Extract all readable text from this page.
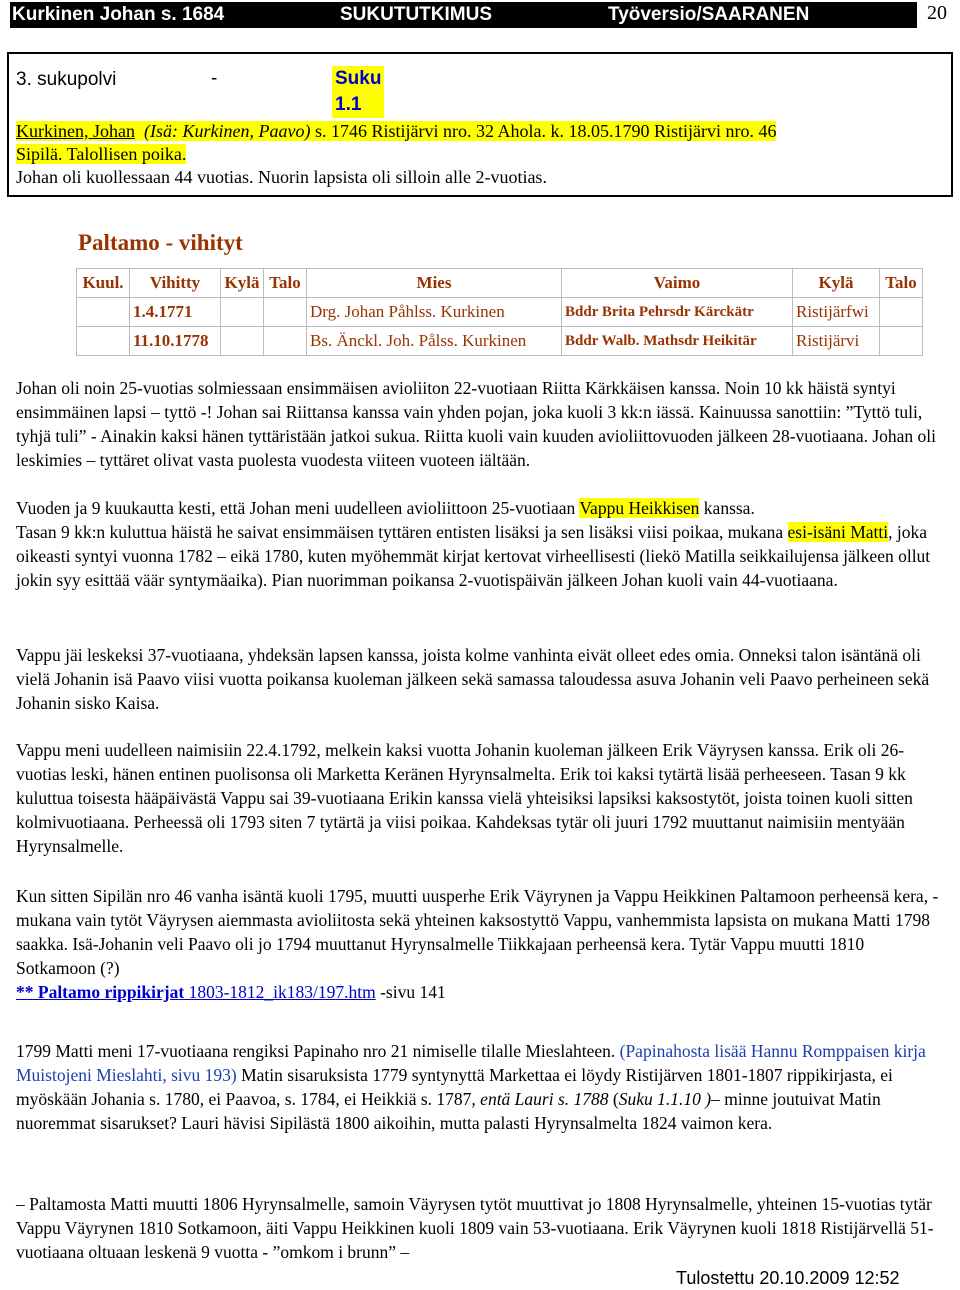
Kurkinen Johan s. 1684	SUKUTUTKIMUS	Työversio/SAARANEN	20
3. sukupolvi	-	Suku 1.1
Kurkinen, Johan (Isä: Kurkinen, Paavo) s. 1746 Ristijärvi nro. 32 Ahola. k. 18.05.1790 Ristijärvi nro. 46
Sipilä. Talollisen poika.
Johan oli kuollessaan 44 vuotias. Nuorin lapsista oli silloin alle 2-vuotias.
Paltamo - vihityt
Kuul.	Vihitty	Kylä	Talo	Mies	Vaimo	Kylä	Talo
	1.4.1771			Drg. Johan Påhlss. Kurkinen	Bddr Brita Pehrsdr Kärckätr	Ristijärfwi	
	11.10.1778			Bs. Änckl. Joh. Pålss. Kurkinen	Bddr Walb. Mathsdr Heikitär	Ristijärvi	
Johan oli noin 25-vuotias solmiessaan ensimmäisen avioliiton 22-vuotiaan Riitta Kärkkäisen kanssa. Noin 10 kk häistä syntyi ensimmäinen lapsi – tyttö -! Johan sai Riittansa kanssa vain yhden pojan, joka kuoli 3 kk:n iässä. Kainuussa sanottiin: ”Tyttö tuli, tyhjä tuli” - Ainakin kaksi hänen tyttäristään jatkoi sukua. Riitta kuoli vain kuuden avioliittovuoden jälkeen 28-vuotiaana. Johan oli leskimies – tyttäret olivat vasta puolesta vuodesta viiteen vuoteen iältään.
Vuoden ja 9 kuukautta kesti, että Johan meni uudelleen avioliittoon 25-vuotiaan Vappu Heikkisen kanssa.
Tasan 9 kk:n kuluttua häistä he saivat ensimmäisen tyttären entisten lisäksi ja sen lisäksi viisi poikaa, mukana esi-isäni Matti, joka oikeasti syntyi vuonna 1782 – eikä 1780, kuten myöhemmät kirjat kertovat virheellisesti (liekö Matilla seikkailujensa jälkeen ollut jokin syy esittää väär syntymäaika). Pian nuorimman poikansa 2-vuotispäivän jälkeen Johan kuoli vain 44-vuotiaana.
Vappu jäi leskeksi 37-vuotiaana, yhdeksän lapsen kanssa, joista kolme vanhinta eivät olleet edes omia. Onneksi talon isäntänä oli vielä Johanin isä Paavo viisi vuotta poikansa kuoleman jälkeen sekä samassa taloudessa asuva Johanin veli Paavo perheineen sekä Johanin sisko Kaisa.
Vappu meni uudelleen naimisiin 22.4.1792, melkein kaksi vuotta Johanin kuoleman jälkeen Erik Väyrysen kanssa. Erik oli 26-vuotias leski, hänen entinen puolisonsa oli Marketta Keränen Hyrynsalmelta. Erik toi kaksi tytärtä lisää perheeseen. Tasan 9 kk kuluttua toisesta hääpäivästä Vappu sai 39-vuotiaana Erikin kanssa vielä yhteisiksi lapsiksi kaksostytöt, joista toinen kuoli sitten kolmivuotiaana. Perheessä oli 1793 siten 7 tytärtä ja viisi poikaa. Kahdeksas tytär oli juuri 1792 muuttanut naimisiin mentyään Hyrynsalmelle.
Kun sitten Sipilän nro 46 vanha isäntä kuoli 1795, muutti uusperhe Erik Väyrynen ja Vappu Heikkinen Paltamoon perheensä kera, - mukana vain tytöt Väyrysen aiemmasta avioliitosta sekä yhteinen kaksostyttö Vappu, vanhemmista lapsista on mukana Matti 1798 saakka. Isä-Johanin veli Paavo oli jo 1794 muuttanut Hyrynsalmelle Tiikkajaan perheensä kera. Tytär Vappu muutti 1810 Sotkamoon (?)
** Paltamo rippikirjat 1803-1812_ik183/197.htm -sivu 141
1799 Matti meni 17-vuotiaana rengiksi Papinaho nro 21 nimiselle tilalle Mieslahteen. (Papinahosta lisää Hannu Romppaisen kirja Muistojeni Mieslahti, sivu 193) Matin sisaruksista 1779 syntynyttä Markettaa ei löydy Ristijärven 1801-1807 rippikirjasta, ei myöskään Johania s. 1780, ei Paavoa, s. 1784, ei Heikkiä s. 1787, entä Lauri s. 1788 (Suku 1.1.10 )– minne joutuivat Matin nuoremmat sisarukset? Lauri hävisi Sipilästä 1800 aikoihin, mutta palasti Hyrynsalmelta 1824 vaimon kera.
– Paltamosta Matti muutti 1806 Hyrynsalmelle, samoin Väyrysen tytöt muuttivat jo 1808 Hyrynsalmelle, yhteinen 15-vuotias tytär Vappu Väyrynen 1810 Sotkamoon, äiti Vappu Heikkinen kuoli 1809 vain 53-vuotiaana. Erik Väyrynen kuoli 1818 Ristijärvellä 51-vuotiaana oltuaan leskenä 9 vuotta - ”omkom i brunn” –
Tulostettu 20.10.2009 12:52
